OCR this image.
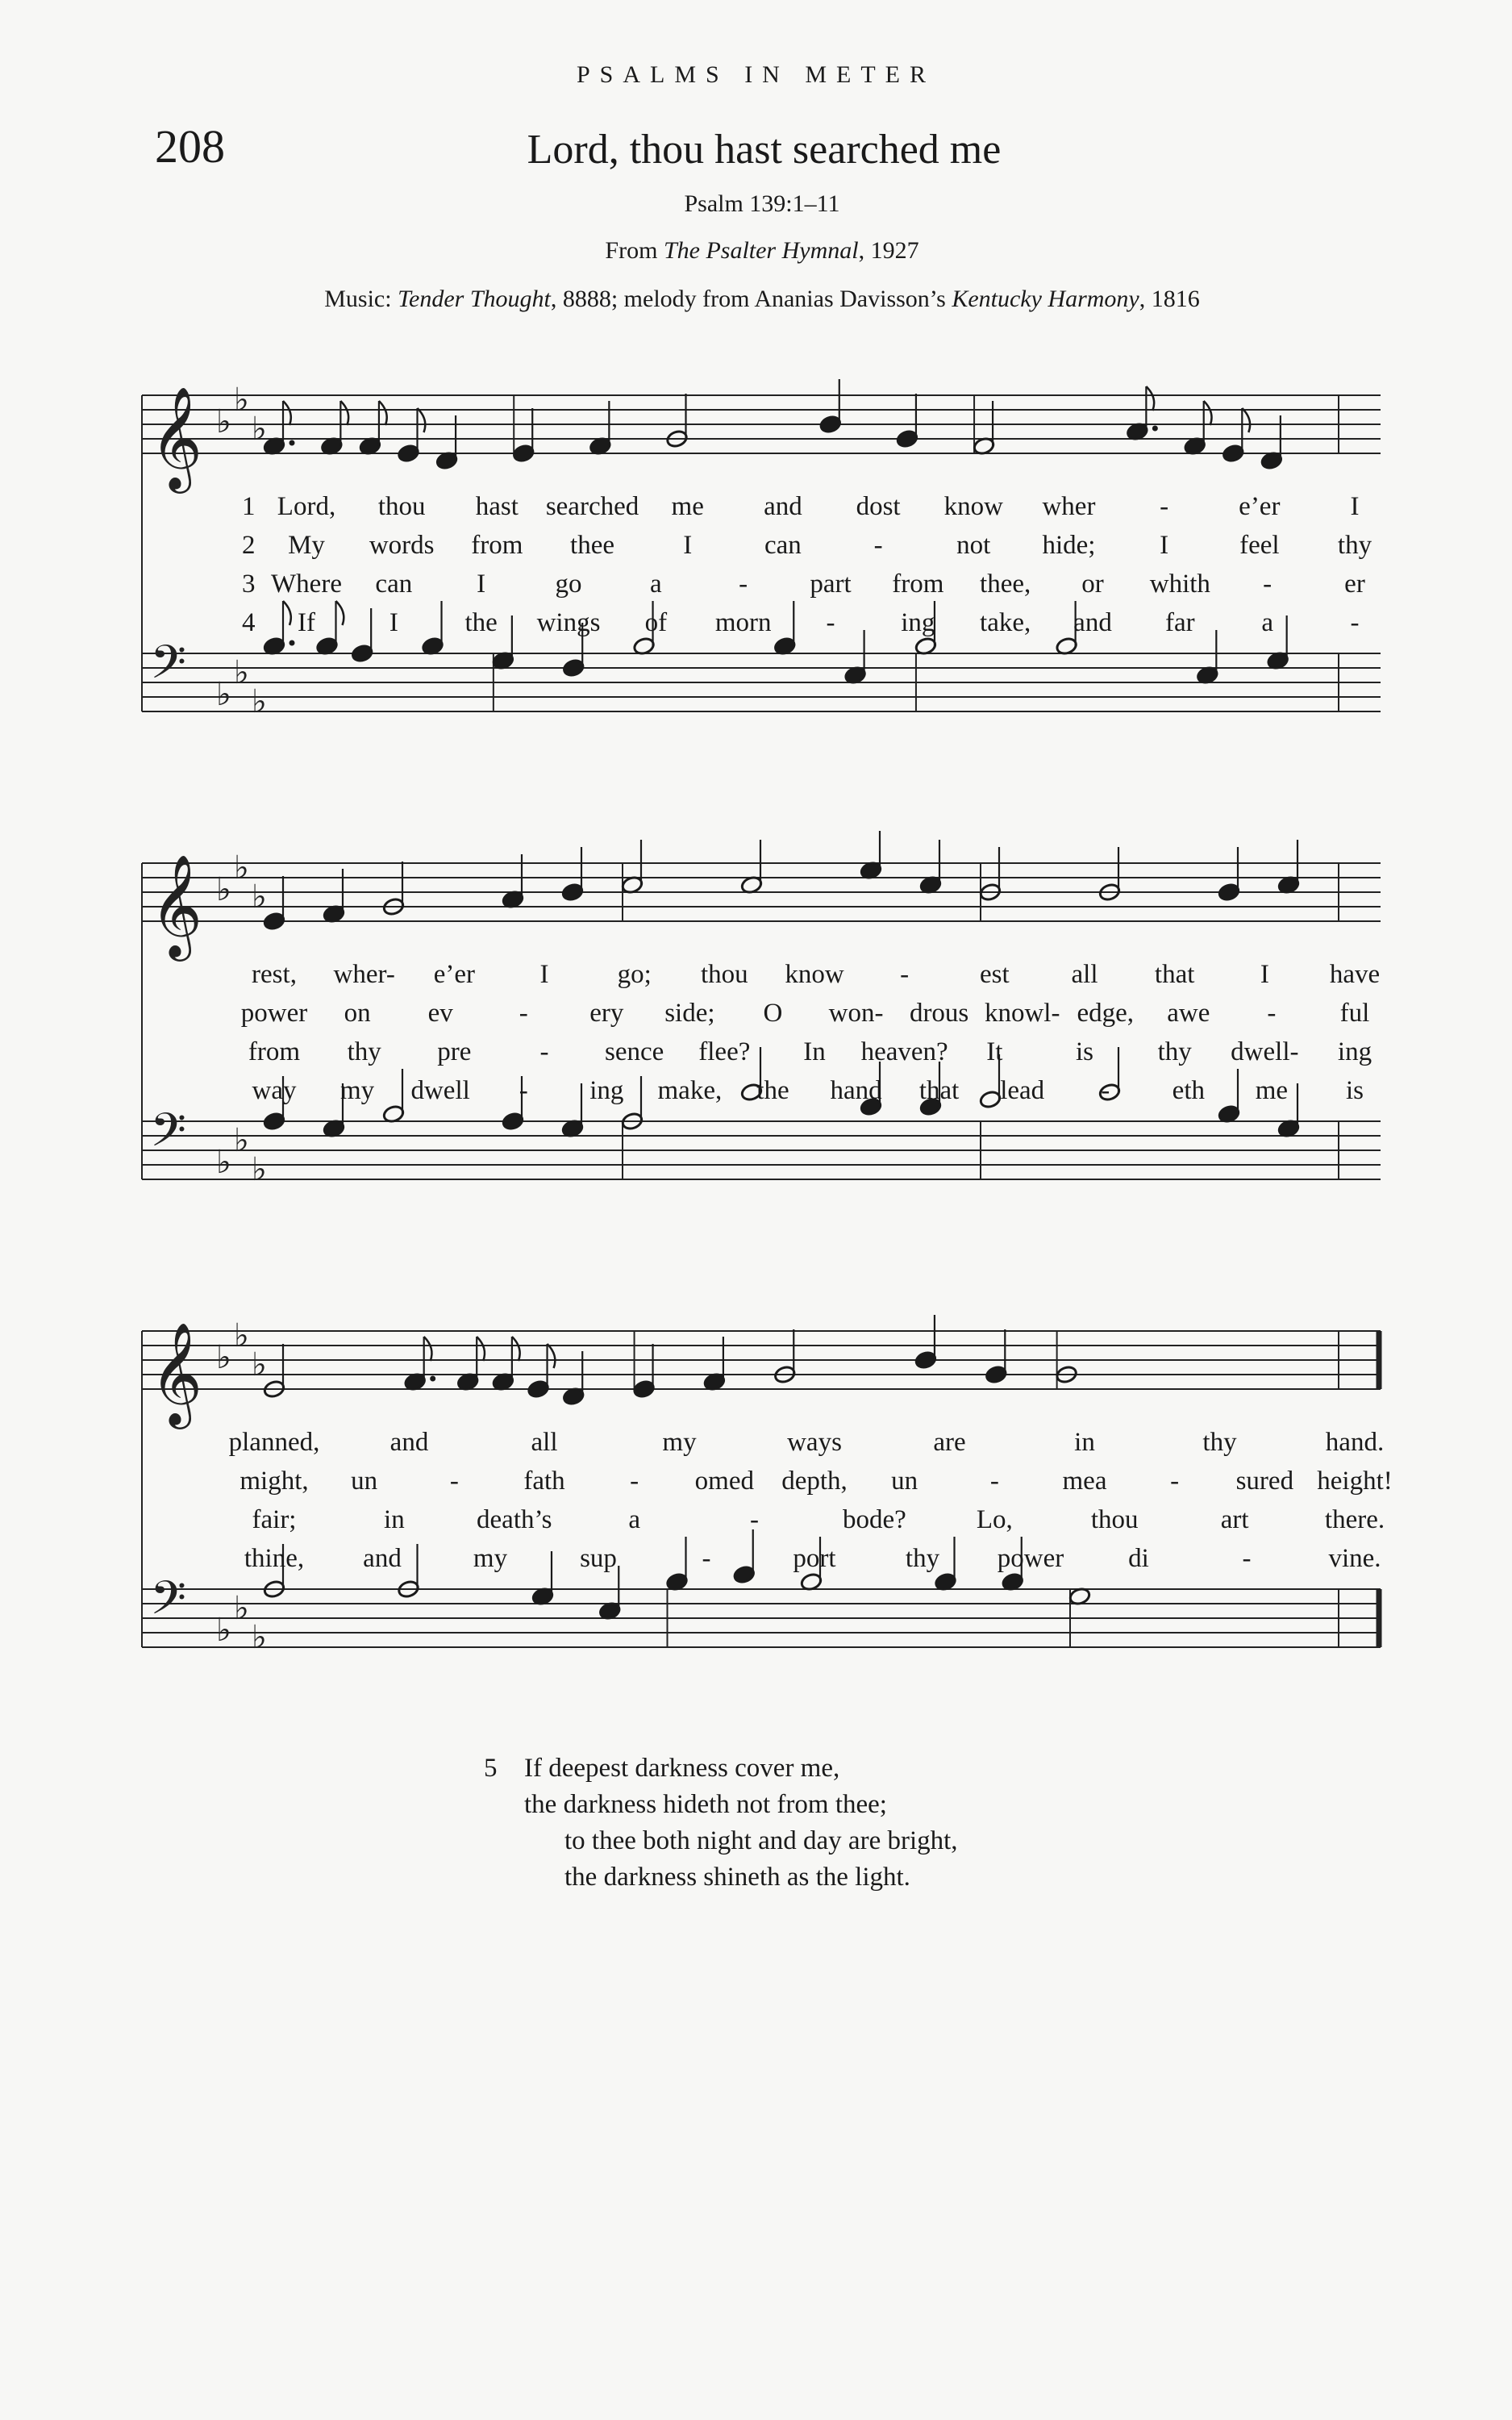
PSALMS IN METER
208	Lord, thou hast searched me
Psalm 139:1–11
From The Psalter Hymnal, 1927
Music: Tender Thought, 8888; melody from Ananias Davisson’s Kentucky Harmony, 1816
𝄞 ♭
♭
♭
𝄢 ♭
♭
♭
𝄞 ♭
♭
♭
𝄢 ♭
♭
♭
𝄞 ♭
♭
♭
𝄢 ♭
♭
♭
1 Lord, thou hast searched me and dost know wher -	e’er	I
2 My words from thee	I	can	-	not hide; I	feel thy
3 Where can I	go	a	- part from thee, or whith -	er
4 If	I	the wings of morn - ing take, and far	a	-
rest, wher- e’er I	go; thou know -	est all that I have
power on ev - ery side; O won- drous knowl- edge, awe - ful
from thy pre	- sence flee? In heaven? It	is thy dwell- ing
way my dwell - ing make, the hand that lead - eth me is
planned,	and	all	my	ways	are	in	thy	hand.
might, un	- fath - omed depth, un	- mea - sured height!
fair;	in	death’s	a	-	bode?	Lo,	thou	art	there.
thine, and	my	sup	-	port	thy power di	-	vine.
5 If deepest darkness cover me,
the darkness hideth not from thee;
to thee both night and day are bright,
the darkness shineth as the light.
